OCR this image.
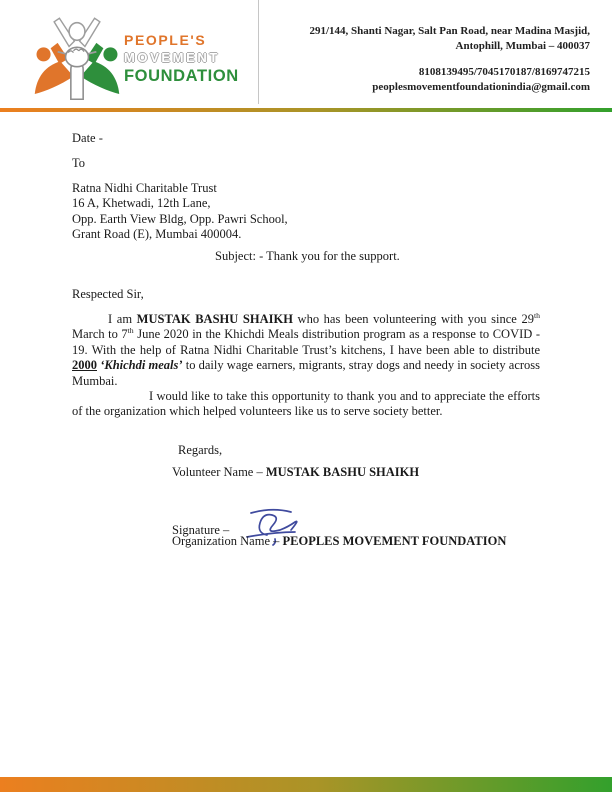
PEOPLE'S
MOVEMENT
FOUNDATION
291/144, Shanti Nagar, Salt Pan Road, near Madina Masjid,
Antophill, Mumbai – 400037
8108139495/7045170187/8169747215
peoplesmovementfoundationindia@gmail.com
Date -
To
Ratna Nidhi Charitable Trust
16 A, Khetwadi, 12th Lane,
Opp. Earth View Bldg, Opp. Pawri School,
Grant Road (E), Mumbai 400004.
Subject: - Thank you for the support.
Respected Sir,

I am MUSTAK BASHU SHAIKH who has been volunteering with you since 29th March to 7th June 2020 in the Khichdi Meals distribution program as a response to COVID - 19. With the help of Ratna Nidhi Charitable Trust’s kitchens, I have been able to distribute 2000 ‘Khichdi meals’ to daily wage earners, migrants, stray dogs and needy in society across Mumbai.

I would like to take this opportunity to thank you and to appreciate the efforts of the organization which helped volunteers like us to serve society better.

Regards,
Volunteer Name – MUSTAK BASHU SHAIKH
Signature –
Organization Name – PEOPLES MOVEMENT FOUNDATION
